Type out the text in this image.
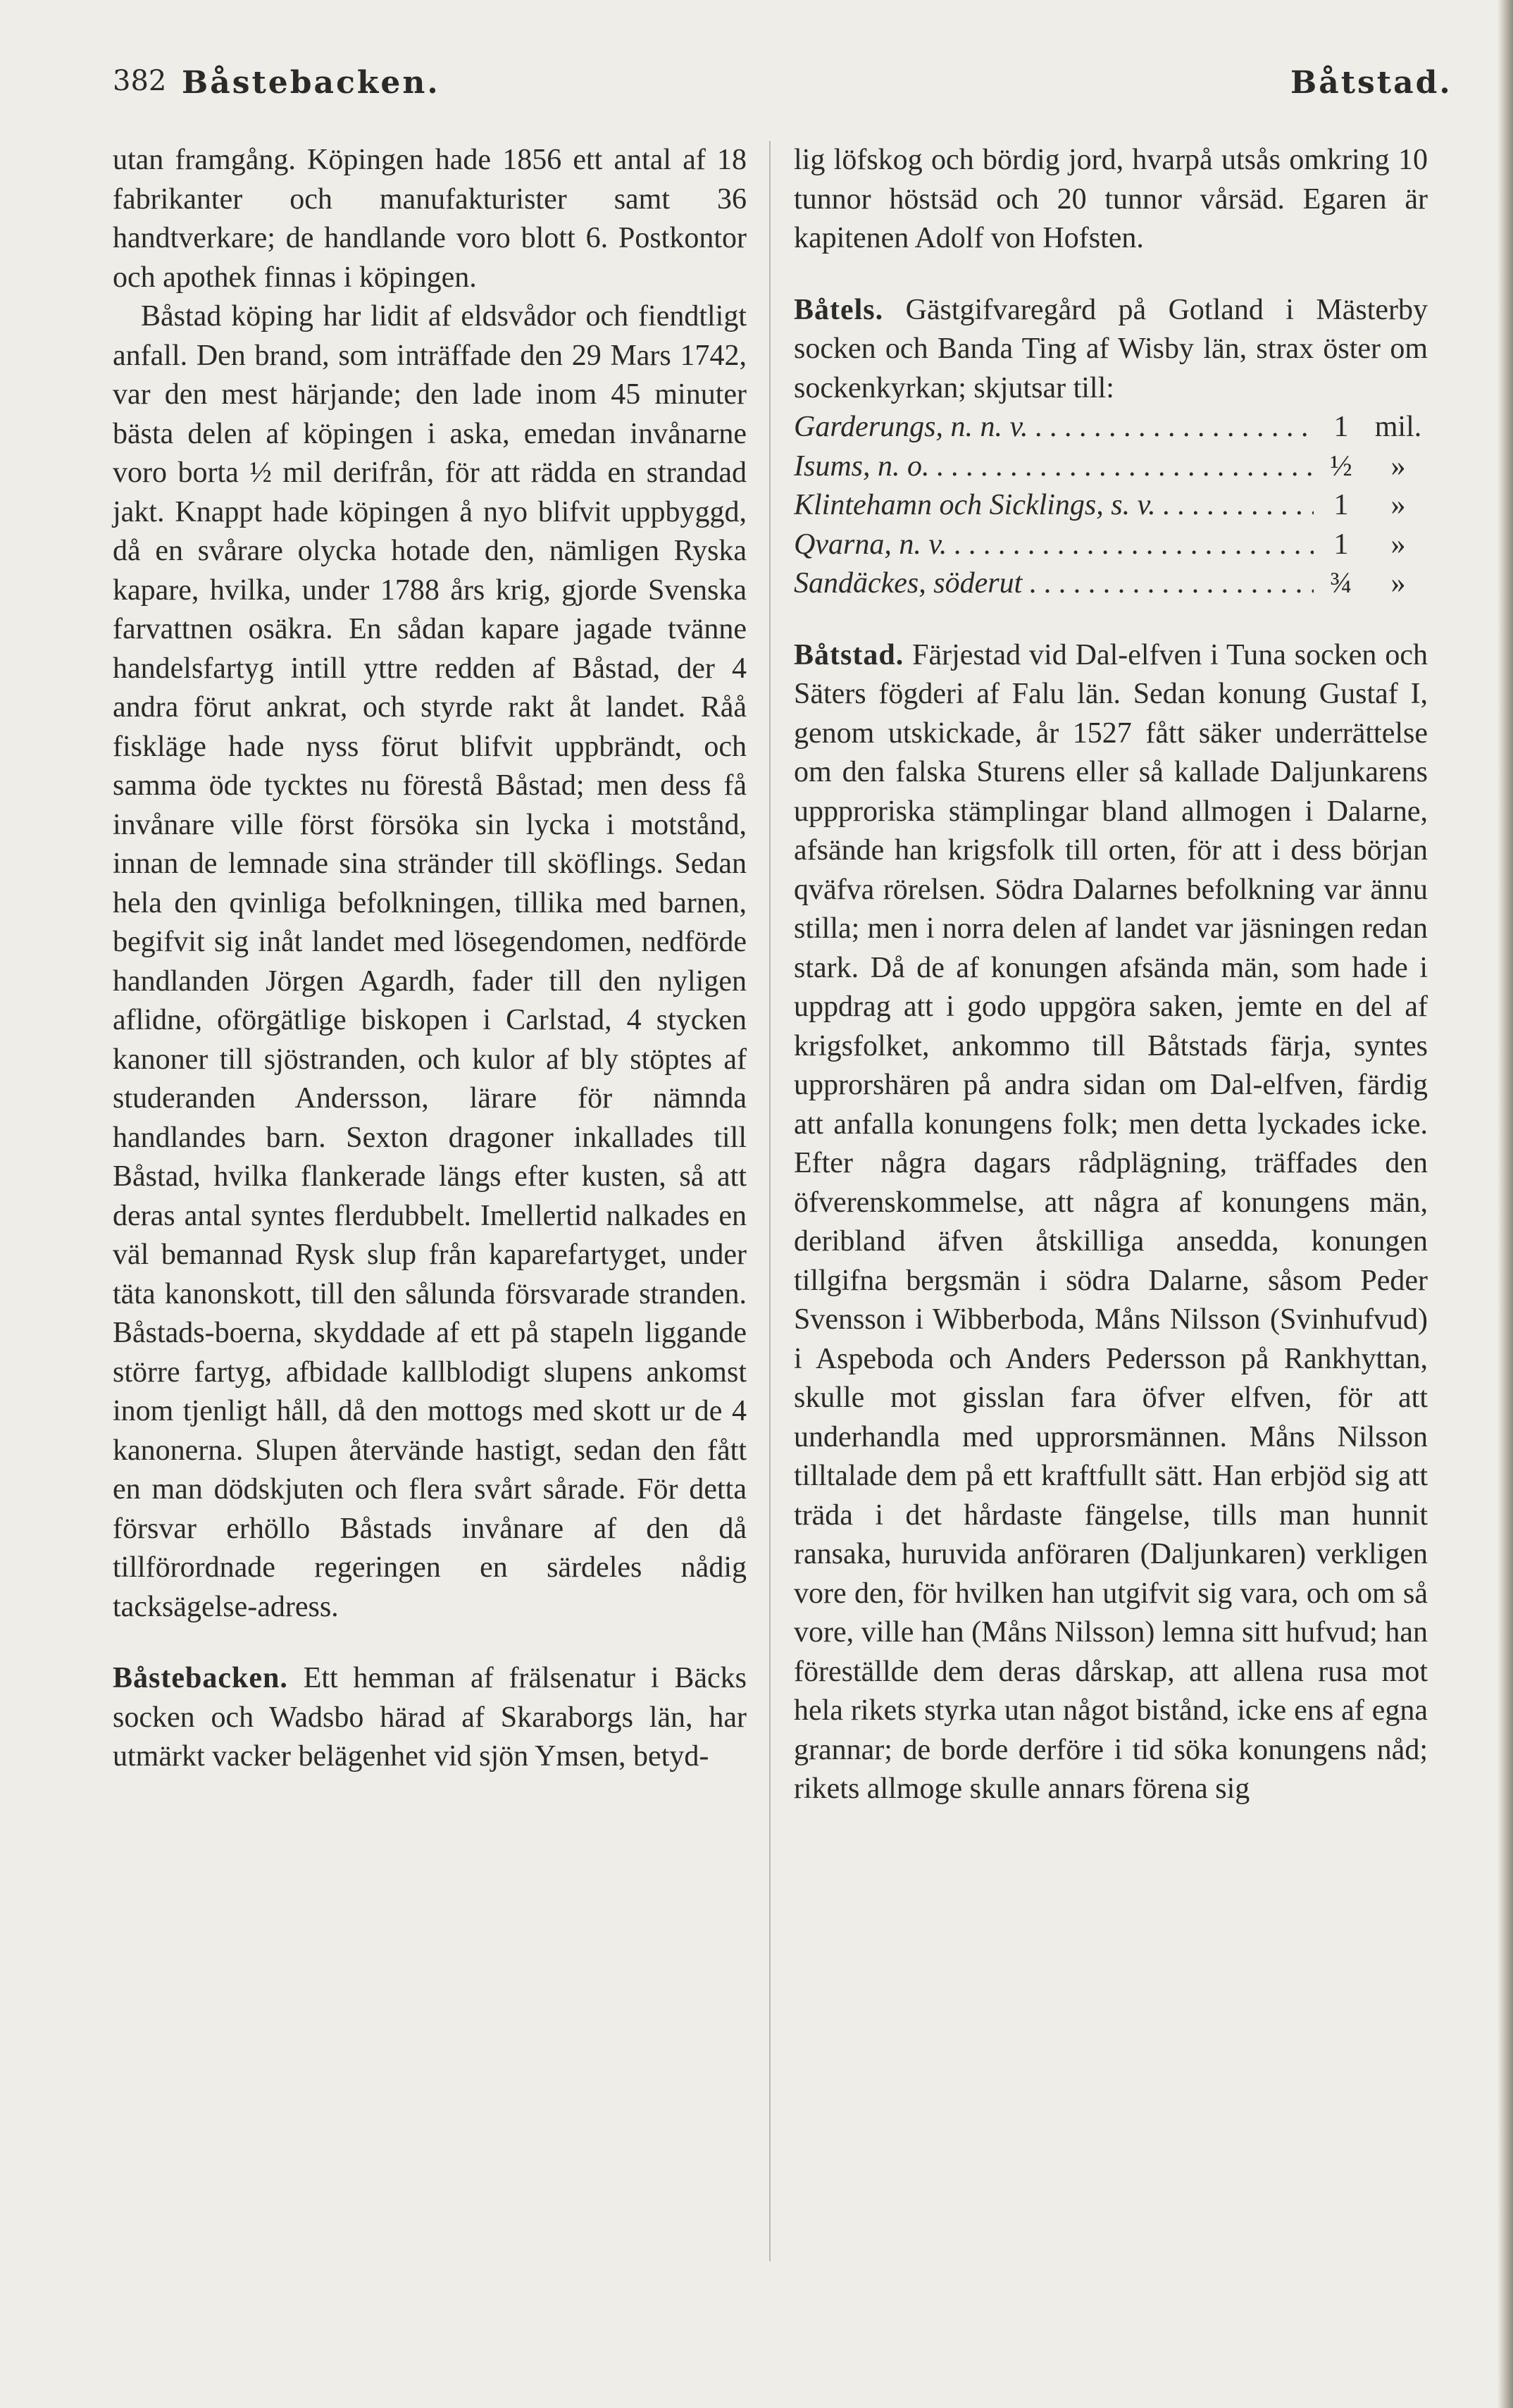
382 Båstebacken.	Båtstad.

utan framgång. Köpingen hade 1856 ett antal af 18 fabrikanter och manufakturister samt 36 handtverkare; de handlande voro blott 6. Postkontor och apothek finnas i köpingen.

Båstad köping har lidit af eldsvådor och fiendtligt anfall. Den brand, som inträffade den 29 Mars 1742, var den mest härjande; den lade inom 45 minuter bästa delen af köpingen i aska, emedan invånarne voro borta ½ mil derifrån, för att rädda en strandad jakt. Knappt hade köpingen å nyo blifvit uppbyggd, då en svårare olycka hotade den, nämligen Ryska kapare, hvilka, under 1788 års krig, gjorde Svenska farvattnen osäkra. En sådan kapare jagade tvänne handelsfartyg intill yttre redden af Båstad, der 4 andra förut ankrat, och styrde rakt åt landet. Råå fiskläge hade nyss förut blifvit uppbrändt, och samma öde tycktes nu förestå Båstad; men dess få invånare ville först försöka sin lycka i motstånd, innan de lemnade sina stränder till sköflings. Sedan hela den qvinliga befolkningen, tillika med barnen, begifvit sig inåt landet med lösegendomen, nedförde handlanden Jörgen Agardh, fader till den nyligen aflidne, oförgätlige biskopen i Carlstad, 4 stycken kanoner till sjöstranden, och kulor af bly stöptes af studeranden Andersson, lärare för nämnda handlandes barn. Sexton dragoner inkallades till Båstad, hvilka flankerade längs efter kusten, så att deras antal syntes flerdubbelt. Imellertid nalkades en väl bemannad Rysk slup från kaparefartyget, under täta kanonskott, till den sålunda försvarade stranden. Båstads-boerna, skyddade af ett på stapeln liggande större fartyg, afbidade kallblodigt slupens ankomst inom tjenligt håll, då den mottogs med skott ur de 4 kanonerna. Slupen återvände hastigt, sedan den fått en man dödskjuten och flera svårt sårade. För detta försvar erhöllo Båstads invånare af den då tillförordnade regeringen en särdeles nådig tacksägelse-adress.

Båstebacken. Ett hemman af frälsenatur i Bäcks socken och Wadsbo härad af Skaraborgs län, har utmärkt vacker belägenhet vid sjön Ymsen, betyd-

lig löfskog och bördig jord, hvarpå utsås omkring 10 tunnor höstsäd och 20 tunnor vårsäd. Egaren är kapitenen Adolf von Hofsten.

Båtels. Gästgifvaregård på Gotland i Mästerby socken och Banda Ting af Wisby län, strax öster om sockenkyrkan; skjutsar till:

Garderungs, n. n. v. . . .	1 mil.
Isums, n. o. . . .	½	»
Klintehamn och Sicklings, s. v. . . .	1	»
Qvarna, n. v. . . .	1	»
Sandäckes, söderut . . .	¾	»

Båtstad. Färjestad vid Dal-elfven i Tuna socken och Säters fögderi af Falu län. Sedan konung Gustaf I, genom utskickade, år 1527 fått säker underrättelse om den falska Sturens eller så kallade Daljunkarens uppproriska stämplingar bland allmogen i Dalarne, afsände han krigsfolk till orten, för att i dess början qväfva rörelsen. Södra Dalarnes befolkning var ännu stilla; men i norra delen af landet var jäsningen redan stark. Då de af konungen afsända män, som hade i uppdrag att i godo uppgöra saken, jemte en del af krigsfolket, ankommo till Båtstads färja, syntes upprorshären på andra sidan om Dal-elfven, färdig att anfalla konungens folk; men detta lyckades icke. Efter några dagars rådplägning, träffades den öfverenskommelse, att några af konungens män, deribland äfven åtskilliga ansedda, konungen tillgifna bergsmän i södra Dalarne, såsom Peder Svensson i Wibberboda, Måns Nilsson (Svinhufvud) i Aspeboda och Anders Pedersson på Rankhyttan, skulle mot gisslan fara öfver elfven, för att underhandla med upprorsmännen. Måns Nilsson tilltalade dem på ett kraftfullt sätt. Han erbjöd sig att träda i det hårdaste fängelse, tills man hunnit ransaka, huruvida anföraren (Daljunkaren) verkligen vore den, för hvilken han utgifvit sig vara, och om så vore, ville han (Måns Nilsson) lemna sitt hufvud; han föreställde dem deras dårskap, att allena rusa mot hela rikets styrka utan något bistånd, icke ens af egna grannar; de borde derföre i tid söka konungens nåd; rikets allmoge skulle annars förena sig
